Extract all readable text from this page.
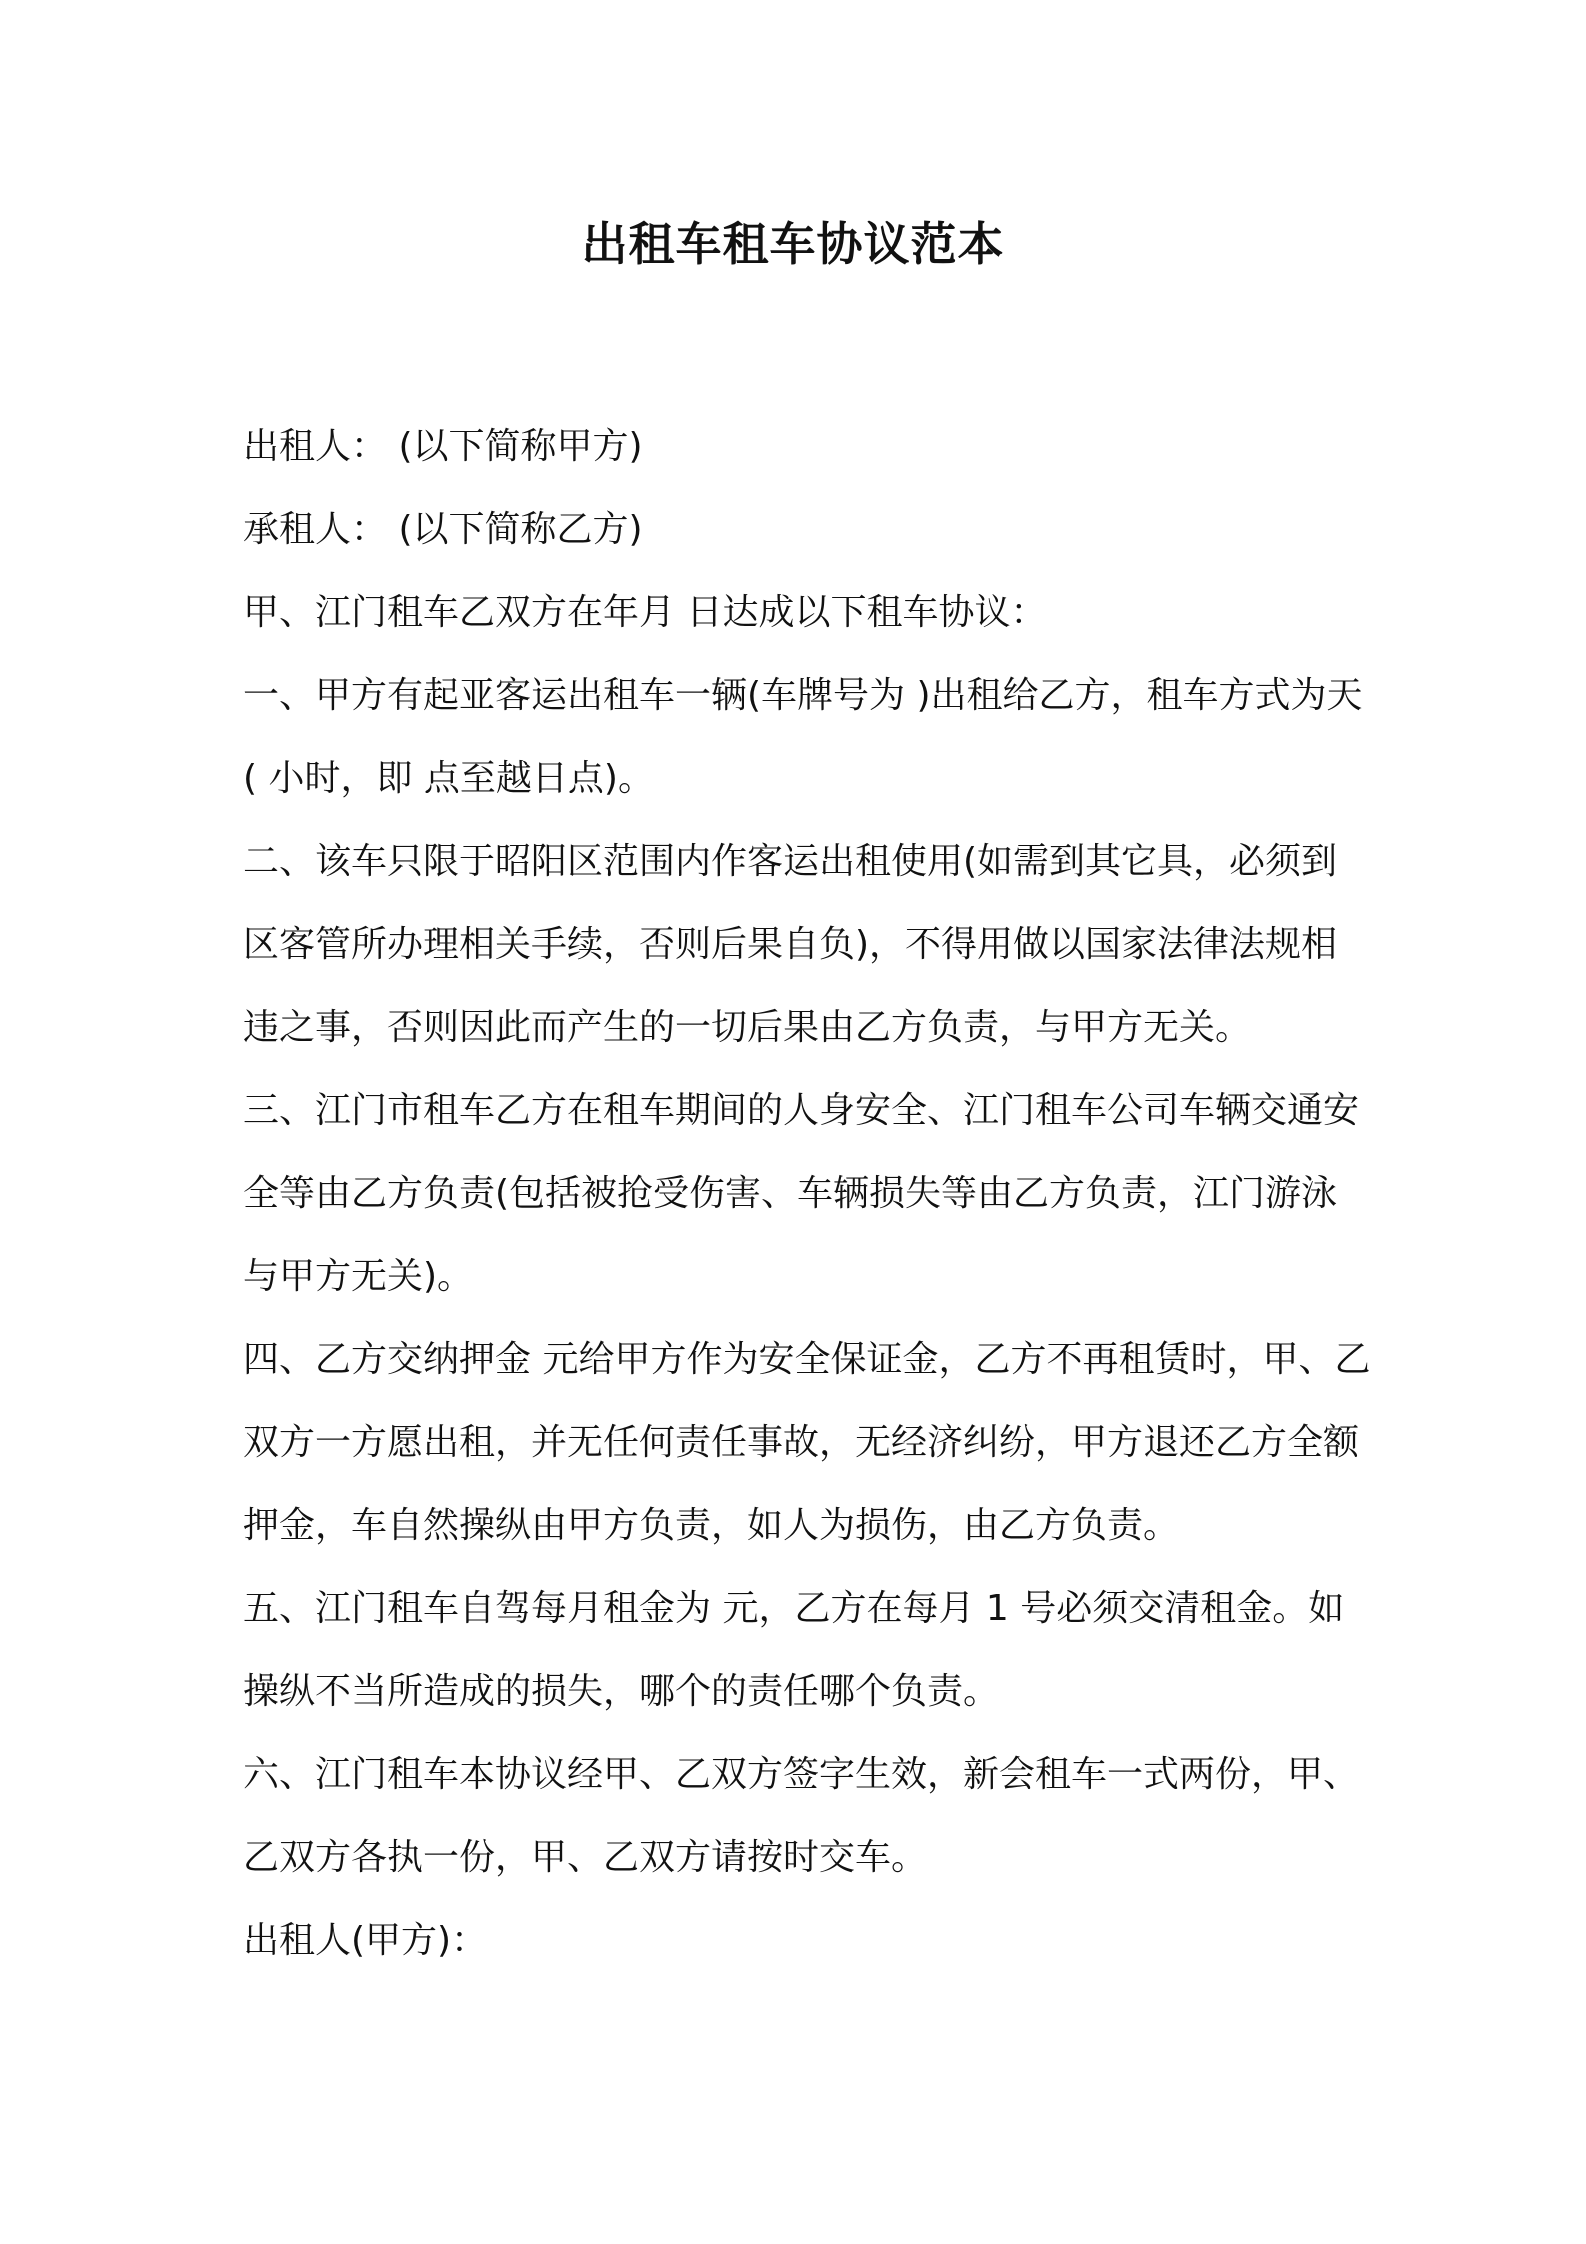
出租车租车协议范本

出租人： (以下简称甲方)

承租人： (以下简称乙方)

甲、江门租车乙双方在年月 日达成以下租车协议：

一、甲方有起亚客运出租车一辆(车牌号为 )出租给乙方，租车方式为天( 小时，即 点至越日点)。

二、该车只限于昭阳区范围内作客运出租使用(如需到其它具，必须到区客管所办理相关手续，否则后果自负)，不得用做以国家法律法规相违之事，否则因此而产生的一切后果由乙方负责，与甲方无关。

三、江门市租车乙方在租车期间的人身安全、江门租车公司车辆交通安全等由乙方负责(包括被抢受伤害、车辆损失等由乙方负责，江门游泳与甲方无关)。

四、乙方交纳押金 元给甲方作为安全保证金，乙方不再租赁时，甲、乙双方一方愿出租，并无任何责任事故，无经济纠纷，甲方退还乙方全额押金，车自然操纵由甲方负责，如人为损伤，由乙方负责。

五、江门租车自驾每月租金为 元，乙方在每月 1 号必须交清租金。如操纵不当所造成的损失，哪个的责任哪个负责。

六、江门租车本协议经甲、乙双方签字生效，新会租车一式两份，甲、乙双方各执一份，甲、乙双方请按时交车。

出租人(甲方)：
